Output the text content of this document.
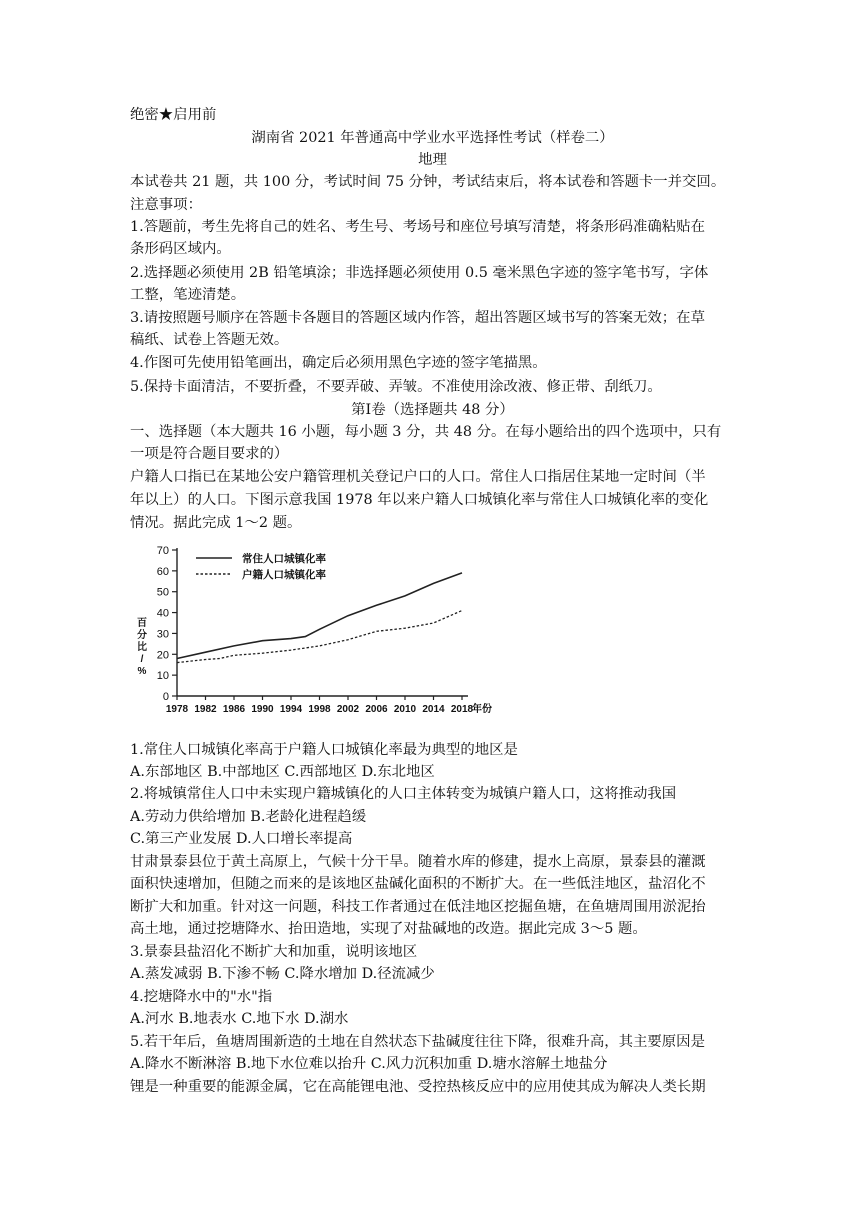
绝密★启用前
湖南省 2021 年普通高中学业水平选择性考试（样卷二）
地理
本试卷共 21 题，共 100 分，考试时间 75 分钟，考试结束后，将本试卷和答题卡一并交回。
注意事项：
1.答题前，考生先将自己的姓名、考生号、考场号和座位号填写清楚，将条形码准确粘贴在
条形码区域内。
2.选择题必须使用 2B 铅笔填涂；非选择题必须使用 0.5 毫米黑色字迹的签字笔书写，字体
工整，笔迹清楚。
3.请按照题号顺序在答题卡各题目的答题区域内作答，超出答题区域书写的答案无效；在草
稿纸、试卷上答题无效。
4.作图可先使用铅笔画出，确定后必须用黑色字迹的签字笔描黑。
5.保持卡面清洁，不要折叠，不要弄破、弄皱。不准使用涂改液、修正带、刮纸刀。
第Ⅰ卷（选择题共 48 分）
一、选择题（本大题共 16 小题，每小题 3 分，共 48 分。在每小题给出的四个选项中，只有
一项是符合题目要求的）
户籍人口指已在某地公安户籍管理机关登记户口的人口。常住人口指居住某地一定时间（半
年以上）的人口。下图示意我国 1978 年以来户籍人口城镇化率与常住人口城镇化率的变化
情况。据此完成 1～2 题。
0
10
20
30
40
50
60
70
1978 1982 1986 1990 1994 1998 2002 2006 2010 2014 2018
年份
百
分
比
/
%
常住人口城镇化率
户籍人口城镇化率
1.常住人口城镇化率高于户籍人口城镇化率最为典型的地区是
A.东部地区 B.中部地区 C.西部地区 D.东北地区
2.将城镇常住人口中未实现户籍城镇化的人口主体转变为城镇户籍人口，这将推动我国
A.劳动力供给增加 B.老龄化进程趋缓
C.第三产业发展 D.人口增长率提高
甘肃景泰县位于黄土高原上，气候十分干旱。随着水库的修建，提水上高原，景泰县的灌溉
面积快速增加，但随之而来的是该地区盐碱化面积的不断扩大。在一些低洼地区，盐沼化不
断扩大和加重。针对这一问题，科技工作者通过在低洼地区挖掘鱼塘，在鱼塘周围用淤泥抬
高土地，通过挖塘降水、抬田造地，实现了对盐碱地的改造。据此完成 3～5 题。
3.景泰县盐沼化不断扩大和加重，说明该地区
A.蒸发减弱 B.下渗不畅 C.降水增加 D.径流减少
4.挖塘降水中的"水"指
A.河水 B.地表水 C.地下水 D.湖水
5.若干年后，鱼塘周围新造的土地在自然状态下盐碱度往往下降，很难升高，其主要原因是
A.降水不断淋溶 B.地下水位难以抬升 C.风力沉积加重 D.塘水溶解土地盐分
锂是一种重要的能源金属，它在高能锂电池、受控热核反应中的应用使其成为解决人类长期
